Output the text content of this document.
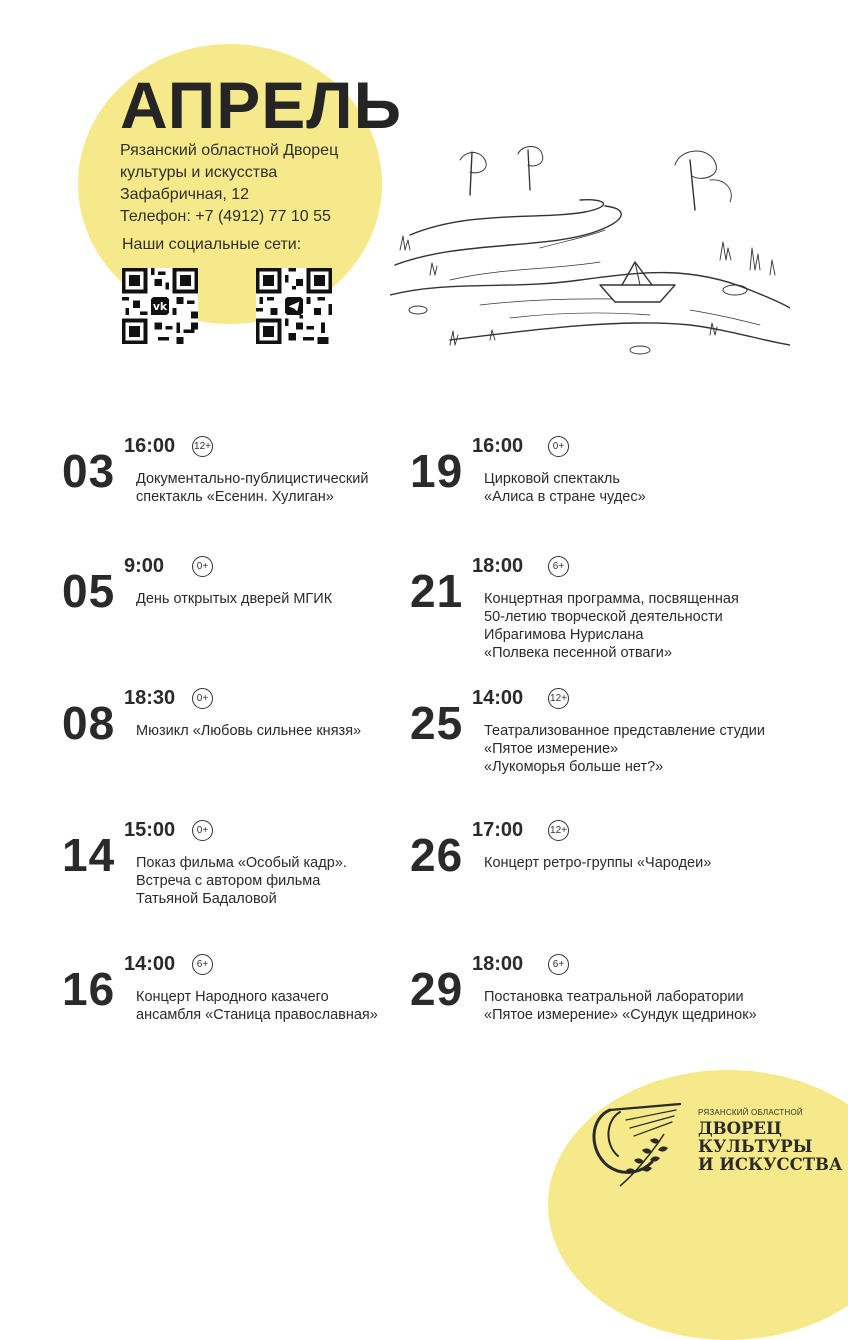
АПРЕЛЬ
Рязанский областной Дворец
культуры и искусства
Зафабричная, 12
Телефон: +7 (4912) 77 10 55
Наши социальные сети:
vk
03 16:00 12+
Документально-публицистический
спектакль «Есенин. Хулиган»
05 9:00	0+
День открытых дверей МГИК
08 18:30	0+
Мюзикл «Любовь сильнее князя»
14 15:00	0+
Показ фильма «Особый кадр».
Встреча с автором фильма
Татьяной Бадаловой
16 14:00	6+
Концерт Народного казачего
ансамбля «Станица православная»
19 16:00	0+
Цирковой спектакль
«Алиса в стране чудес»
21 18:00	6+
Концертная программа, посвященная
50-летию творческой деятельности
Ибрагимова Нурислана
«Полвека песенной отваги»
25 14:00	12+
Театрализованное представление студии
«Пятое измерение»
«Лукоморья больше нет?»
26 17:00	12+
Концерт ретро-группы «Чародеи»
29 18:00	6+
Постановка театральной лаборатории
«Пятое измерение» «Сундук щедринок»
РЯЗАНСКИЙ ОБЛАСТНОЙ
ДВОРЕЦ
КУЛЬТУРЫ
И ИСКУССТВА
